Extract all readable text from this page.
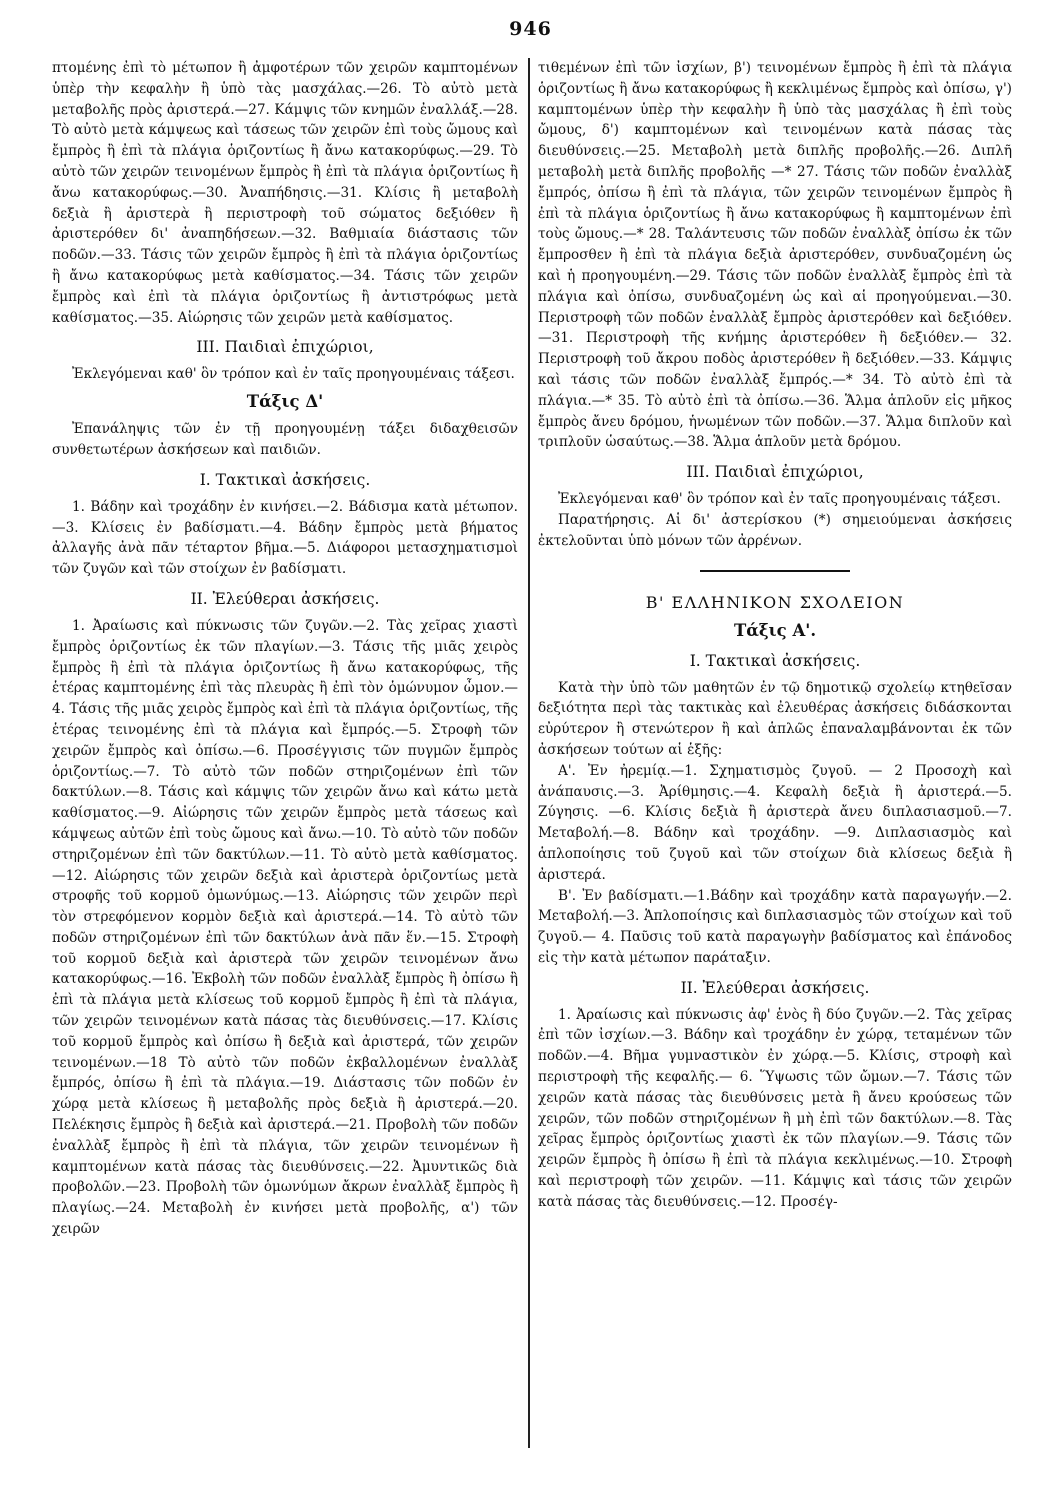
946

πτομένης ἐπὶ τὸ μέτωπον ἢ ἀμφοτέρων τῶν χειρῶν καμπτομένων ὑπὲρ τὴν κεφαλὴν ἢ ὑπὸ τὰς μασχάλας.—26. Τὸ αὐτὸ μετὰ μεταβολῆς πρὸς ἀριστερά.—27. Κάμψις τῶν κνημῶν ἐναλλάξ.—28. Τὸ αὐτὸ μετὰ κάμψεως καὶ τάσεως τῶν χειρῶν ἐπὶ τοὺς ὤμους καὶ ἔμπρὸς ἢ ἐπὶ τὰ πλάγια ὁριζοντίως ἢ ἄνω κατακορύφως.—29. Τὸ αὐτὸ τῶν χειρῶν τεινομένων ἔμπρὸς ἢ ἐπὶ τὰ πλάγια ὁριζοντίως ἢ ἄνω κατακορύφως.—30. Ἀναπήδησις.—31. Κλίσις ἢ μεταβολὴ δεξιὰ ἢ ἀριστερὰ ἢ περιστροφὴ τοῦ σώματος δεξιόθεν ἢ ἀριστερόθεν δι' ἀναπηδήσεων.—32. Βαθμιαία διάστασις τῶν ποδῶν.—33. Τάσις τῶν χειρῶν ἔμπρὸς ἢ ἐπὶ τὰ πλάγια ὁριζοντίως ἢ ἄνω κατακορύφως μετὰ καθίσματος.—34. Τάσις τῶν χειρῶν ἔμπρὸς καὶ ἐπὶ τὰ πλάγια ὁριζοντίως ἢ ἀντιστρόφως μετὰ καθίσματος.—35. Αἰώρησις τῶν χειρῶν μετὰ καθίσματος.

III. Παιδιαὶ ἐπιχώριοι,

Ἐκλεγόμεναι καθ' ὃν τρόπον καὶ ἐν ταῖς προηγουμέναις τάξεσι.

Τάξις Δ'

Ἐπανάληψις τῶν ἐν τῇ προηγουμένῃ τάξει διδαχθεισῶν συνθετωτέρων ἀσκήσεων καὶ παιδιῶν.

I. Τακτικαὶ ἀσκήσεις.

1. Βάδην καὶ τροχάδην ἐν κινήσει.—2. Βάδισμα κατὰ μέτωπον.—3. Κλίσεις ἐν βαδίσματι.—4. Βάδην ἔμπρὸς μετὰ βήματος ἀλλαγῆς ἀνὰ πᾶν τέταρτον βῆμα.—5. Διάφοροι μετασχηματισμοὶ τῶν ζυγῶν καὶ τῶν στοίχων ἐν βαδίσματι.

II. Ἐλεύθεραι ἀσκήσεις.

1. Ἀραίωσις καὶ πύκνωσις τῶν ζυγῶν.—2. Τὰς χεῖρας χιαστὶ ἔμπρὸς ὁριζοντίως ἐκ τῶν πλαγίων.—3. Τάσις τῆς μιᾶς χειρὸς ἔμπρὸς ἢ ἐπὶ τὰ πλάγια ὁριζοντίως ἢ ἄνω κατακορύφως, τῆς ἑτέρας καμπτομένης ἐπὶ τὰς πλευρὰς ἢ ἐπὶ τὸν ὁμώνυμον ὦμον.—4. Τάσις τῆς μιᾶς χειρὸς ἔμπρὸς καὶ ἐπὶ τὰ πλάγια ὁριζοντίως, τῆς ἑτέρας τεινομένης ἐπὶ τὰ πλάγια καὶ ἔμπρός.—5. Στροφὴ τῶν χειρῶν ἔμπρὸς καὶ ὀπίσω.—6. Προσέγγισις τῶν πυγμῶν ἔμπρὸς ὁριζοντίως.—7. Τὸ αὐτὸ τῶν ποδῶν στηριζομένων ἐπὶ τῶν δακτύλων.—8. Τάσις καὶ κάμψις τῶν χειρῶν ἄνω καὶ κάτω μετὰ καθίσματος.—9. Αἰώρησις τῶν χειρῶν ἔμπρὸς μετὰ τάσεως καὶ κάμψεως αὐτῶν ἐπὶ τοὺς ὤμους καὶ ἄνω.—10. Τὸ αὐτὸ τῶν ποδῶν στηριζομένων ἐπὶ τῶν δακτύλων.—11. Τὸ αὐτὸ μετὰ καθίσματος.—12. Αἰώρησις τῶν χειρῶν δεξιὰ καὶ ἀριστερὰ ὁριζοντίως μετὰ στροφῆς τοῦ κορμοῦ ὁμωνύμως.—13. Αἰώρησις τῶν χειρῶν περὶ τὸν στρεφόμενον κορμὸν δεξιὰ καὶ ἀριστερά.—14. Τὸ αὐτὸ τῶν ποδῶν στηριζομένων ἐπὶ τῶν δακτύλων ἀνὰ πᾶν ἕν.—15. Στροφὴ τοῦ κορμοῦ δεξιὰ καὶ ἀριστερὰ τῶν χειρῶν τεινομένων ἄνω κατακορύφως.—16. Ἐκβολὴ τῶν ποδῶν ἐναλλὰξ ἔμπρὸς ἢ ὀπίσω ἢ ἐπὶ τὰ πλάγια μετὰ κλίσεως τοῦ κορμοῦ ἔμπρὸς ἢ ἐπὶ τὰ πλάγια, τῶν χειρῶν τεινομένων κατὰ πάσας τὰς διευθύνσεις.—17. Κλίσις τοῦ κορμοῦ ἔμπρὸς καὶ ὀπίσω ἢ δεξιὰ καὶ ἀριστερά, τῶν χειρῶν τεινομένων.—18 Τὸ αὐτὸ τῶν ποδῶν ἐκβαλλομένων ἐναλλὰξ ἔμπρός, ὀπίσω ἢ ἐπὶ τὰ πλάγια.—19. Διάστασις τῶν ποδῶν ἐν χώρᾳ μετὰ κλίσεως ἢ μεταβολῆς πρὸς δεξιὰ ἢ ἀριστερά.—20. Πελέκησις ἔμπρὸς ἢ δεξιὰ καὶ ἀριστερά.—21. Προβολὴ τῶν ποδῶν ἐναλλὰξ ἔμπρὸς ἢ ἐπὶ τὰ πλάγια, τῶν χειρῶν τεινομένων ἢ καμπτομένων κατὰ πάσας τὰς διευθύνσεις.—22. Ἀμυντικῶς διὰ προβολῶν.—23. Προβολὴ τῶν ὁμωνύμων ἄκρων ἐναλλὰξ ἔμπρὸς ἢ πλαγίως.—24. Μεταβολὴ ἐν κινήσει μετὰ προβολῆς, α') τῶν χειρῶν

τιθεμένων ἐπὶ τῶν ἰσχίων, β') τεινομένων ἔμπρὸς ἢ ἐπὶ τὰ πλάγια ὁριζοντίως ἢ ἄνω κατακορύφως ἢ κεκλιμένως ἔμπρὸς καὶ ὀπίσω, γ') καμπτομένων ὑπὲρ τὴν κεφαλὴν ἢ ὑπὸ τὰς μασχάλας ἢ ἐπὶ τοὺς ὤμους, δ') καμπτομένων καὶ τεινομένων κατὰ πάσας τὰς διευθύνσεις.—25. Μεταβολὴ μετὰ διπλῆς προβολῆς.—26. Διπλῆ μεταβολὴ μετὰ διπλῆς προβολῆς —* 27. Τάσις τῶν ποδῶν ἐναλλὰξ ἔμπρός, ὀπίσω ἢ ἐπὶ τὰ πλάγια, τῶν χειρῶν τεινομένων ἔμπρὸς ἢ ἐπὶ τὰ πλάγια ὁριζοντίως ἢ ἄνω κατακορύφως ἢ καμπτομένων ἐπὶ τοὺς ὤμους.—* 28. Ταλάντευσις τῶν ποδῶν ἐναλλὰξ ὀπίσω ἐκ τῶν ἔμπροσθεν ἢ ἐπὶ τὰ πλάγια δεξιὰ ἀριστερόθεν, συνδυαζομένη ὡς καὶ ἡ προηγουμένη.—29. Τάσις τῶν ποδῶν ἐναλλὰξ ἔμπρὸς ἐπὶ τὰ πλάγια καὶ ὀπίσω, συνδυαζομένη ὡς καὶ αἱ προηγούμεναι.—30. Περιστροφὴ τῶν ποδῶν ἐναλλὰξ ἔμπρὸς ἀριστερόθεν καὶ δεξιόθεν.—31. Περιστροφὴ τῆς κνήμης ἀριστερόθεν ἢ δεξιόθεν.— 32. Περιστροφὴ τοῦ ἄκρου ποδὸς ἀριστερόθεν ἢ δεξιόθεν.—33. Κάμψις καὶ τάσις τῶν ποδῶν ἐναλλὰξ ἔμπρός.—* 34. Τὸ αὐτὸ ἐπὶ τὰ πλάγια.—* 35. Τὸ αὐτὸ ἐπὶ τὰ ὀπίσω.—36. Ἅλμα ἁπλοῦν εἰς μῆκος ἔμπρὸς ἄνευ δρόμου, ἡνωμένων τῶν ποδῶν.—37. Ἅλμα διπλοῦν καὶ τριπλοῦν ὡσαύτως.—38. Ἅλμα ἁπλοῦν μετὰ δρόμου.

III. Παιδιαὶ ἐπιχώριοι,

Ἐκλεγόμεναι καθ' ὃν τρόπον καὶ ἐν ταῖς προηγουμέναις τάξεσι.

Παρατήρησις. Αἱ δι' ἀστερίσκου (*) σημειούμεναι ἀσκήσεις ἐκτελοῦνται ὑπὸ μόνων τῶν ἀρρένων.

Β' ΕΛΛΗΝΙΚΟΝ ΣΧΟΛΕΙΟΝ
Τάξις Α'.
I. Τακτικαὶ ἀσκήσεις.

Κατὰ τὴν ὑπὸ τῶν μαθητῶν ἐν τῷ δημοτικῷ σχολείῳ κτηθεῖσαν δεξιότητα περὶ τὰς τακτικὰς καὶ ἐλευθέρας ἀσκήσεις διδάσκονται εὐρύτερον ἢ στενώτερον ἢ καὶ ἁπλῶς ἐπαναλαμβάνονται ἐκ τῶν ἀσκήσεων τούτων αἱ ἑξῆς:

Α'. Ἐν ἠρεμίᾳ.—1. Σχηματισμὸς ζυγοῦ. — 2 Προσοχὴ καὶ ἀνάπαυσις.—3. Ἀρίθμησις.—4. Κεφαλὴ δεξιὰ ἢ ἀριστερά.—5. Ζύγησις. —6. Κλίσις δεξιὰ ἢ ἀριστερὰ ἄνευ διπλασιασμοῦ.—7. Μεταβολή.—8. Βάδην καὶ τροχάδην. —9. Διπλασιασμὸς καὶ ἁπλοποίησις τοῦ ζυγοῦ καὶ τῶν στοίχων διὰ κλίσεως δεξιὰ ἢ ἀριστερά.

Β'. Ἐν βαδίσματι.—1.Βάδην καὶ τροχάδην κατὰ παραγωγήν.—2. Μεταβολή.—3. Ἁπλοποίησις καὶ διπλασιασμὸς τῶν στοίχων καὶ τοῦ ζυγοῦ.— 4. Παῦσις τοῦ κατὰ παραγωγὴν βαδίσματος καὶ ἐπάνοδος εἰς τὴν κατὰ μέτωπον παράταξιν.

II. Ἐλεύθεραι ἀσκήσεις.

1. Ἀραίωσις καὶ πύκνωσις ἀφ' ἑνὸς ἢ δύο ζυγῶν.—2. Τὰς χεῖρας ἐπὶ τῶν ἰσχίων.—3. Βάδην καὶ τροχάδην ἐν χώρᾳ, τεταμένων τῶν ποδῶν.—4. Βῆμα γυμναστικὸν ἐν χώρᾳ.—5. Κλίσις, στροφὴ καὶ περιστροφὴ τῆς κεφαλῆς.— 6. Ὕψωσις τῶν ὤμων.—7. Τάσις τῶν χειρῶν κατὰ πάσας τὰς διευθύνσεις μετὰ ἢ ἄνευ κρούσεως τῶν χειρῶν, τῶν ποδῶν στηριζομένων ἢ μὴ ἐπὶ τῶν δακτύλων.—8. Τὰς χεῖρας ἔμπρὸς ὁριζοντίως χιαστὶ ἐκ τῶν πλαγίων.—9. Τάσις τῶν χειρῶν ἔμπρὸς ἢ ὀπίσω ἢ ἐπὶ τὰ πλάγια κεκλιμένως.—10. Στροφὴ καὶ περιστροφὴ τῶν χειρῶν. —11. Κάμψις καὶ τάσις τῶν χειρῶν κατὰ πάσας τὰς διευθύνσεις.—12. Προσέγ-
